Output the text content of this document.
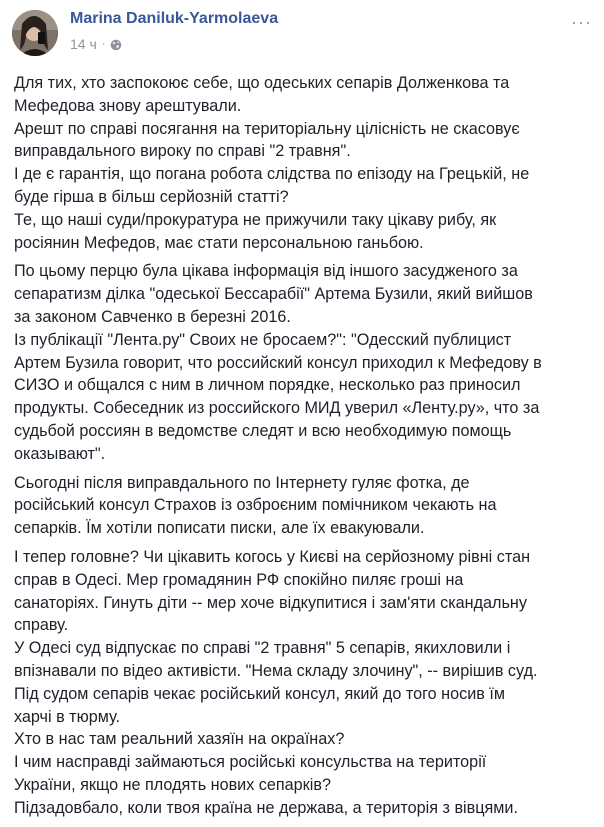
Marina Daniluk-Yarmolaeva
14 ч ·
···

Для тих, хто заспокоює себе, що одеських сепарів Долженкова та
Мефедова знову арештували.
Арешт по справі посягання на територіальну цілісність не скасовує
виправдального вироку по справі "2 травня".
І де є гарантія, що погана робота слідства по епізоду на Грецькій, не
буде гірша в більш серйозній статті?
Те, що наші суди/прокуратура не прижучили таку цікаву рибу, як
росіянин Мефедов, має стати персональною ганьбою.

По цьому перцю була цікава інформація від іншого засудженого за
сепаратизм ділка "одеської Бессарабії" Артема Бузили, який вийшов
за законом Савченко в березні 2016.
Із публікації "Лента.ру" Своих не бросаем?": "Одесский публицист
Артем Бузила говорит, что российский консул приходил к Мефедову в
СИЗО и общался с ним в личном порядке, несколько раз приносил
продукты. Собеседник из российского МИД уверил «Ленту.ру», что за
судьбой россиян в ведомстве следят и всю необходимую помощь
оказывают".

Сьогодні після виправдального по Інтернету гуляє фотка, де
російський консул Страхов із озброєним помічником чекають на
сепарків. Їм хотіли пописати писки, але їх евакуювали.

І тепер головне? Чи цікавить когось у Києві на серйозному рівні стан
справ в Одесі. Мер громадянин РФ спокійно пиляє гроші на
санаторіях. Гинуть діти -- мер хоче відкупитися і зам'яти скандальну
справу.
У Одесі суд відпускає по справі "2 травня" 5 сепарів, якихловили і
впізнавали по відео активісти. "Нема складу злочину", -- вирішив суд.
Під судом сепарів чекає російський консул, який до того носив їм
харчі в тюрму.
Хто в нас там реальний хазяїн на окраїнах?
І чим насправді займаються російські консульства на території
України, якщо не плодять нових сепарків?
Підзадовбало, коли твоя країна не держава, а територія з вівцями.
